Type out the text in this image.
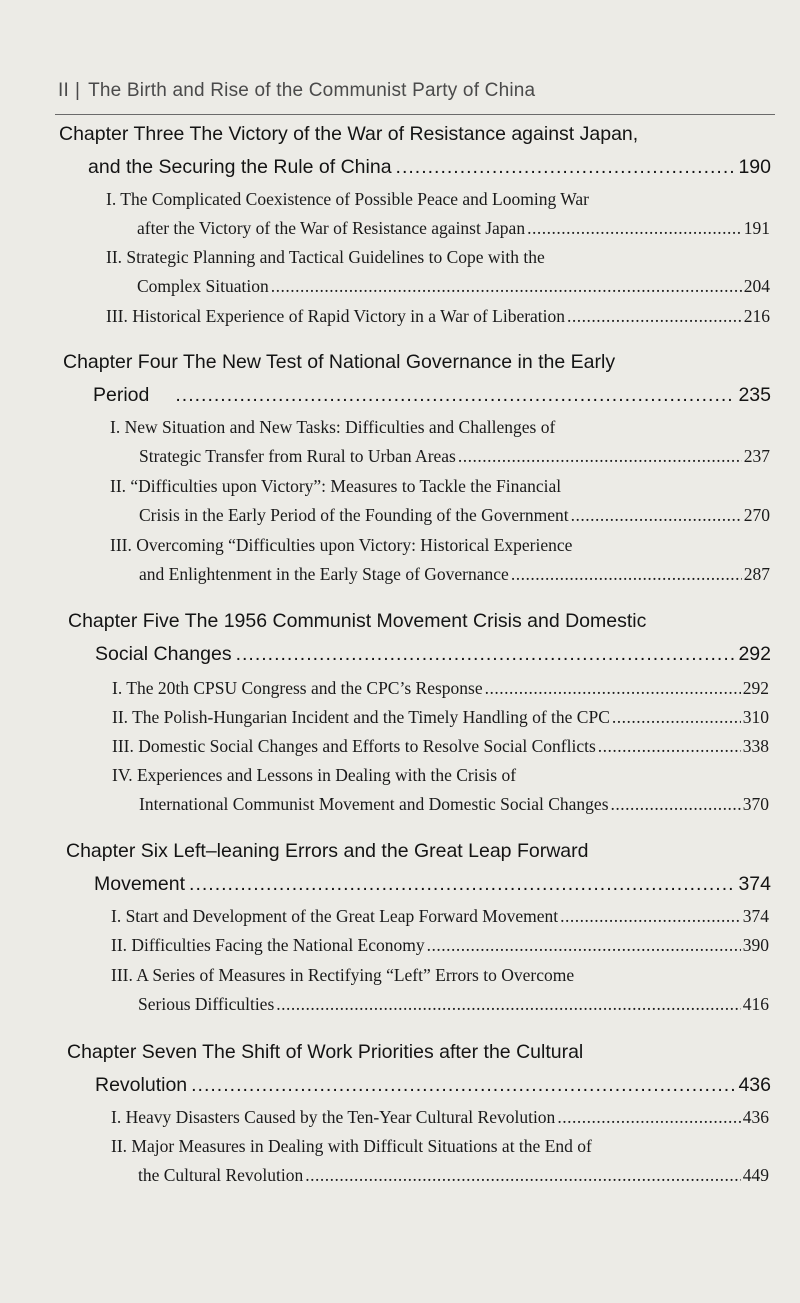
II | The Birth and Rise of the Communist Party of China
Chapter Three The Victory of the War of Resistance against Japan,
and the Securing the Rule of China .....	190
I. The Complicated Coexistence of Possible Peace and Looming War
after the Victory of the War of Resistance against Japan .....	191
II. Strategic Planning and Tactical Guidelines to Cope with the
Complex Situation .....	204
III. Historical Experience of Rapid Victory in a War of Liberation .....	216
Chapter Four The New Test of National Governance in the Early
Period .....	235
I. New Situation and New Tasks: Difficulties and Challenges of
Strategic Transfer from Rural to Urban Areas .....	237
II. “Difficulties upon Victory”: Measures to Tackle the Financial
Crisis in the Early Period of the Founding of the Government .....	270
III. Overcoming “Difficulties upon Victory: Historical Experience
and Enlightenment in the Early Stage of Governance .....	287
Chapter Five The 1956 Communist Movement Crisis and Domestic
Social Changes .....	292
I. The 20th CPSU Congress and the CPC’s Response .....	292
II. The Polish-Hungarian Incident and the Timely Handling of the CPC .....	310
III. Domestic Social Changes and Efforts to Resolve Social Conflicts .....	338
IV. Experiences and Lessons in Dealing with the Crisis of
International Communist Movement and Domestic Social Changes .....	370
Chapter Six Left–leaning Errors and the Great Leap Forward
Movement .....	374
I. Start and Development of the Great Leap Forward Movement .....	374
II. Difficulties Facing the National Economy .....	390
III. A Series of Measures in Rectifying “Left” Errors to Overcome
Serious Difficulties .....	416
Chapter Seven The Shift of Work Priorities after the Cultural
Revolution .....	436
I. Heavy Disasters Caused by the Ten-Year Cultural Revolution .....	436
II. Major Measures in Dealing with Difficult Situations at the End of
the Cultural Revolution .....	449
